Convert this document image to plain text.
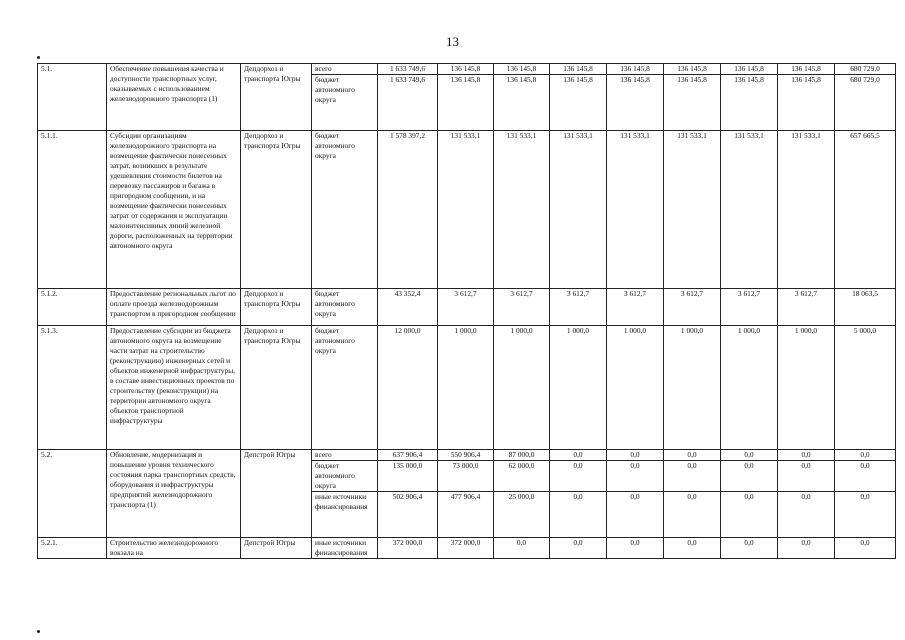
13
5.1.	Обеспечение повышения качества и доступности транспортных услуг, оказываемых с использованием железнодорожного транспорта (1)	Депдорхоз и транспорта Югры	всего	1 633 749,6	136 145,8	136 145,8	136 145,8	136 145,8	136 145,8	136 145,8	136 145,8	680 729,0
			бюджет автономного округа	1 633 749,6	136 145,8	136 145,8	136 145,8	136 145,8	136 145,8	136 145,8	136 145,8	680 729,0
5.1.1.	Субсидии организациям железнодорожного транспорта на возмещение фактически понесенных затрат, возникших в результате удешевления стоимости билетов на перевозку пассажиров и багажа в пригородном сообщении, и на возмещение фактически понесенных затрат от содержания и эксплуатации малоинтенсивных линий железной дороги, расположенных на территории автономного округа	Депдорхоз и транспорта Югры	бюджет автономного округа	1 578 397,2	131 533,1	131 533,1	131 533,1	131 533,1	131 533,1	131 533,1	131 533,1	657 665,5
5.1.2.	Предоставление региональных льгот по оплате проезда железнодорожным транспортом в пригородном сообщении	Депдорхоз и транспорта Югры	бюджет автономного округа	43 352,4	3 612,7	3 612,7	3 612,7	3 612,7	3 612,7	3 612,7	3 612,7	18 063,5
5.1.3.	Предоставление субсидии из бюджета автономного округа на возмещение части затрат на строительство (реконструкцию) инженерных сетей и объектов инженерной инфраструктуры, в составе инвестиционных проектов по строительству (реконструкции) на территории автономного округа объектов транспортной инфраструктуры	Депдорхоз и транспорта Югры	бюджет автономного округа	12 000,0	1 000,0	1 000,0	1 000,0	1 000,0	1 000,0	1 000,0	1 000,0	5 000,0
5.2.	Обновление, модернизация и повышение уровня технического состояния парка транспортных средств, оборудования и инфраструктуры предприятий железнодорожного транспорта (1)	Депстрой Югры	всего	637 906,4	550 906,4	87 000,0	0,0	0,0	0,0	0,0	0,0	0,0
			бюджет автономного округа	135 000,0	73 000,0	62 000,0	0,0	0,0	0,0	0,0	0,0	0,0
			иные источники финансирования	502 906,4	477 906,4	25 000,0	0,0	0,0	0,0	0,0	0,0	0,0
5.2.1.	Строительство железнодорожного вокзала на	Депстрой Югры	иные источники финансирования	372 000,0	372 000,0	0,0	0,0	0,0	0,0	0,0	0,0	0,0
